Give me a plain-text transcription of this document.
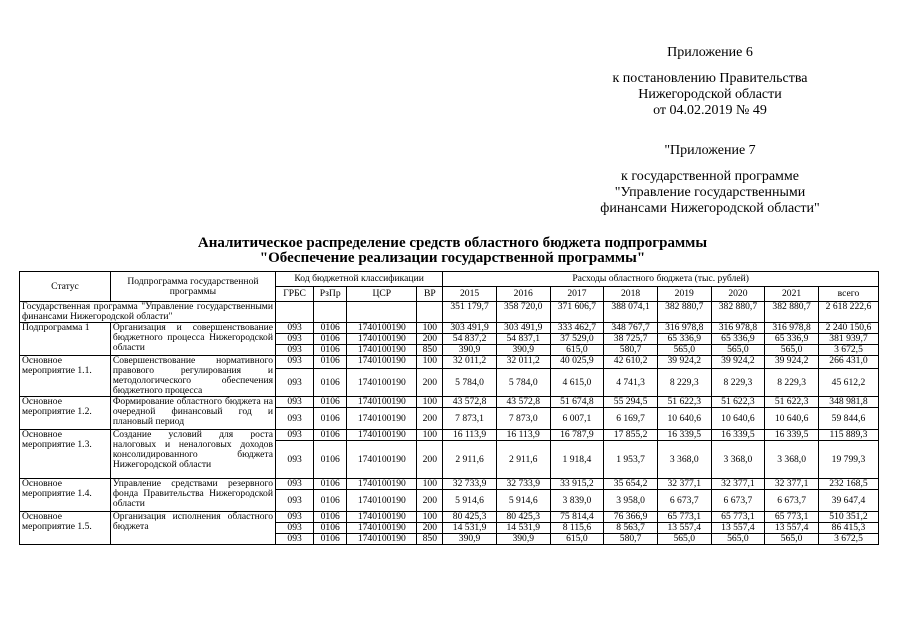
Приложение 6
к постановлению Правительства
Нижегородской области
от 04.02.2019 № 49
"Приложение 7
к государственной программе
"Управление государственными
финансами Нижегородской области"
Аналитическое распределение средств областного бюджета подпрограммы
"Обеспечение реализации государственной программы"
Статус	Подпрограмма государственной программы	Код бюджетной классификации				Расходы областного бюджета (тыс. рублей)							
		ГРБС	РзПр	ЦСР	ВР	2015	2016	2017	2018	2019	2020	2021	всего
Государственная программа "Управление государственными финансами Нижегородской области"						351 179,7	358 720,0	371 606,7	388 074,1	382 880,7	382 880,7	382 880,7	2 618 222,6
Подпрограмма 1	Организация и совершенствование бюджетного процесса Нижегородской области	093	0106	1740100190	100	303 491,9	303 491,9	333 462,7	348 767,7	316 978,8	316 978,8	316 978,8	2 240 150,6
		093	0106	1740100190	200	54 837,2	54 837,1	37 529,0	38 725,7	65 336,9	65 336,9	65 336,9	381 939,7
		093	0106	1740100190	850	390,9	390,9	615,0	580,7	565,0	565,0	565,0	3 672,5
Основное мероприятие 1.1.	Совершенствование нормативного правового регулирования и методологического обеспечения бюджетного процесса	093	0106	1740100190	100	32 011,2	32 011,2	40 025,9	42 610,2	39 924,2	39 924,2	39 924,2	266 431,0
		093	0106	1740100190	200	5 784,0	5 784,0	4 615,0	4 741,3	8 229,3	8 229,3	8 229,3	45 612,2
Основное мероприятие 1.2.	Формирование областного бюджета на очередной финансовый год и плановый период	093	0106	1740100190	100	43 572,8	43 572,8	51 674,8	55 294,5	51 622,3	51 622,3	51 622,3	348 981,8
		093	0106	1740100190	200	7 873,1	7 873,0	6 007,1	6 169,7	10 640,6	10 640,6	10 640,6	59 844,6
Основное мероприятие 1.3.	Создание условий для роста налоговых и неналоговых доходов консолидированного бюджета Нижегородской области	093	0106	1740100190	100	16 113,9	16 113,9	16 787,9	17 855,2	16 339,5	16 339,5	16 339,5	115 889,3
		093	0106	1740100190	200	2 911,6	2 911,6	1 918,4	1 953,7	3 368,0	3 368,0	3 368,0	19 799,3
Основное мероприятие 1.4.	Управление средствами резервного фонда Правительства Нижегородской области	093	0106	1740100190	100	32 733,9	32 733,9	33 915,2	35 654,2	32 377,1	32 377,1	32 377,1	232 168,5
		093	0106	1740100190	200	5 914,6	5 914,6	3 839,0	3 958,0	6 673,7	6 673,7	6 673,7	39 647,4
Основное мероприятие 1.5.	Организация исполнения областного бюджета	093	0106	1740100190	100	80 425,3	80 425,3	75 814,4	76 366,9	65 773,1	65 773,1	65 773,1	510 351,2
		093	0106	1740100190	200	14 531,9	14 531,9	8 115,6	8 563,7	13 557,4	13 557,4	13 557,4	86 415,3
		093	0106	1740100190	850	390,9	390,9	615,0	580,7	565,0	565,0	565,0	3 672,5
